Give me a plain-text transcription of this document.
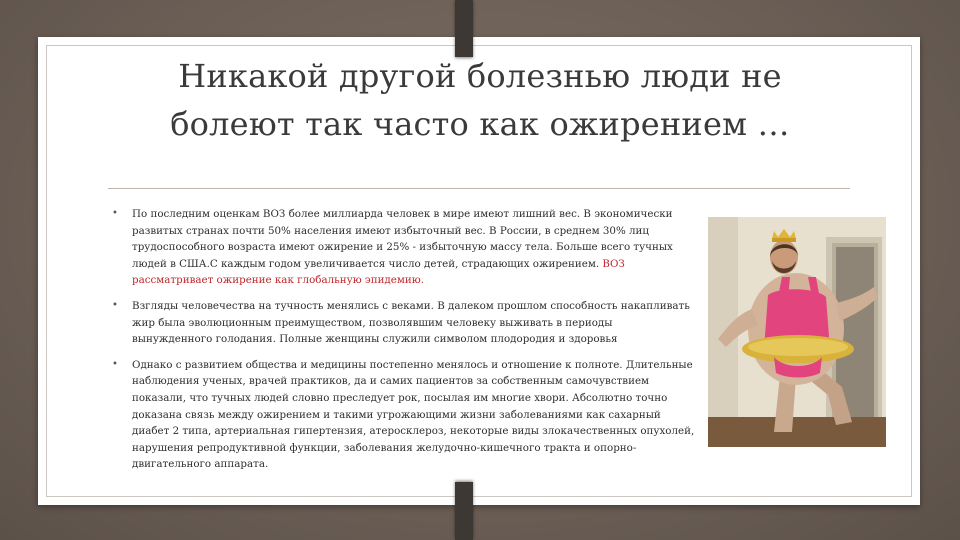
Никакой другой болезнью люди не болеют так часто как ожирением …
• По последним оценкам ВОЗ более миллиарда человек в мире имеют лишний вес. В экономически развитых странах почти 50% населения имеют избыточный вес. В России, в среднем 30% лиц трудоспособного возраста имеют ожирение и 25% - избыточную массу тела. Больше всего тучных людей в США.С каждым годом увеличивается число детей, страдающих ожирением. ВОЗ рассматривает ожирение как глобальную эпидемию.
• Взгляды человечества на тучность менялись с веками. В далеком прошлом способность накапливать жир была эволюционным преимуществом, позволявшим человеку выживать в периоды вынужденного голодания. Полные женщины служили символом плодородия и здоровья
• Однако с развитием общества и медицины постепенно менялось и отношение к полноте. Длительные наблюдения ученых, врачей практиков, да и самих пациентов за собственным самочувствием показали, что тучных людей словно преследует рок, посылая им многие хвори. Абсолютно точно доказана связь между ожирением и такими угрожающими жизни заболеваниями как сахарный диабет 2 типа, артериальная гипертензия, атеросклероз, некоторые виды злокачественных опухолей, нарушения репродуктивной функции, заболевания желудочно-кишечного тракта и опорно-двигательного аппарата.
